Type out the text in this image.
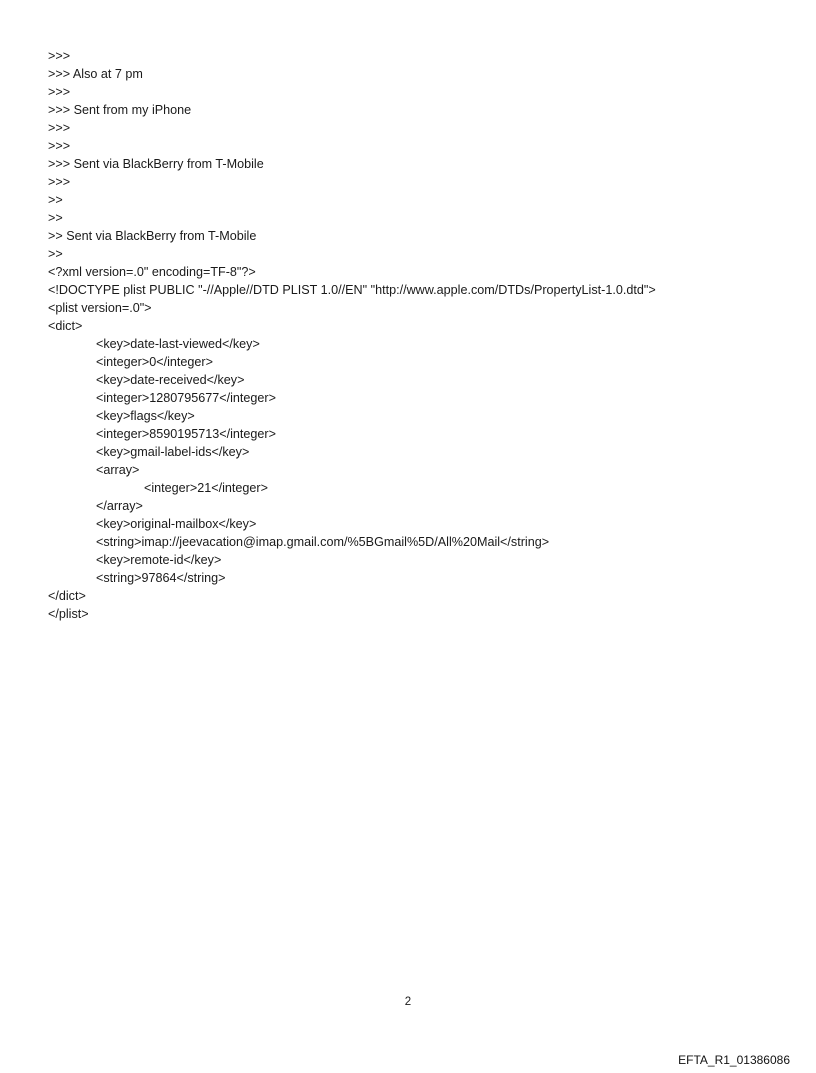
>>>
>>> Also at 7 pm
>>>
>>> Sent from my iPhone
>>>
>>>
>>> Sent via BlackBerry from T-Mobile
>>>
>>
>>
>> Sent via BlackBerry from T-Mobile
>>
<?xml version=.0" encoding=TF-8"?>
<!DOCTYPE plist PUBLIC "-//Apple//DTD PLIST 1.0//EN" "http://www.apple.com/DTDs/PropertyList-1.0.dtd">
<plist version=.0">
<dict>
<key>date-last-viewed</key>
<integer>0</integer>
<key>date-received</key>
<integer>1280795677</integer>
<key>flags</key>
<integer>8590195713</integer>
<key>gmail-label-ids</key>
<array>
<integer>21</integer>
</array>
<key>original-mailbox</key>
<string>imap://jeevacation@imap.gmail.com/%5BGmail%5D/All%20Mail</string>
<key>remote-id</key>
<string>97864</string>
</dict>
</plist>
2
EFTA_R1_01386086
